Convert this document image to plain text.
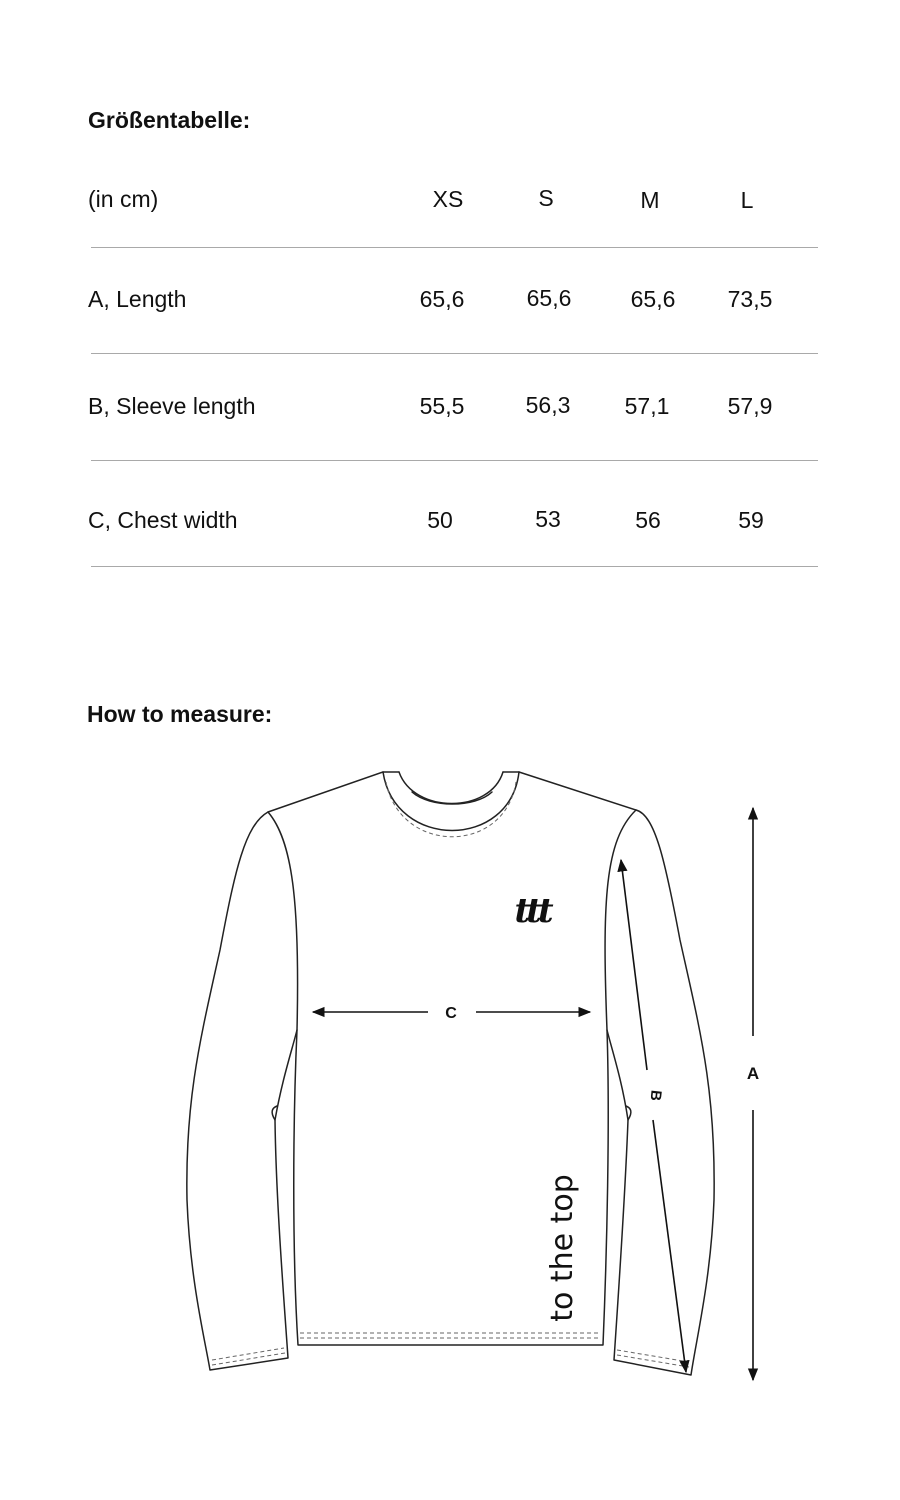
Größentabelle:
(in cm)	XS	S	M	L
A, Length	65,6	65,6	65,6	73,5
B, Sleeve length	55,5	56,3	57,1	57,9
C, Chest width	50	53	56	59
How to measure:
C
A
B
ttt
to the top
